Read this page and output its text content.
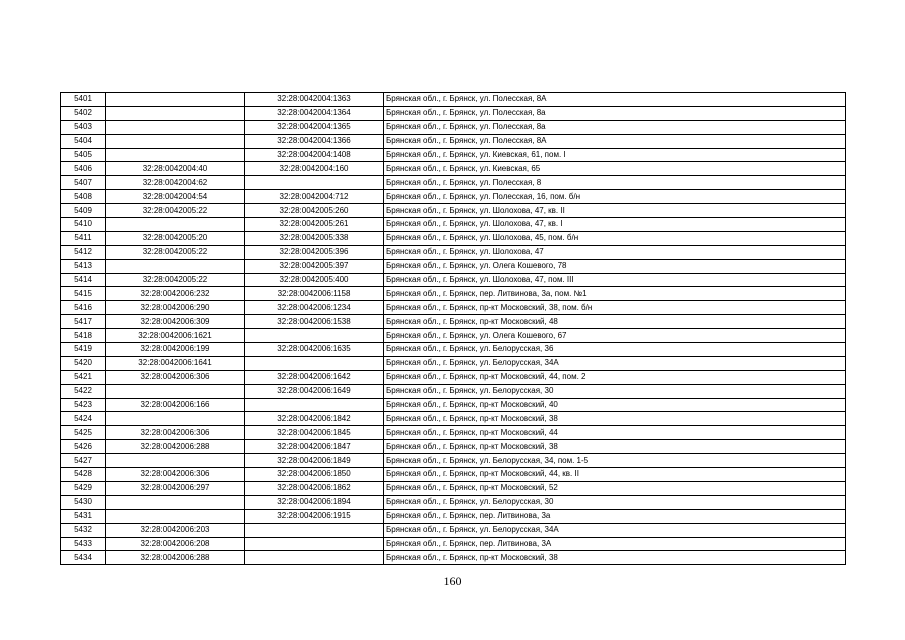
5401		32:28:0042004:1363	Брянская обл., г. Брянск, ул. Полесская, 8А
5402		32:28:0042004:1364	Брянская обл., г. Брянск, ул. Полесская, 8а
5403		32:28:0042004:1365	Брянская обл., г. Брянск, ул. Полесская, 8а
5404		32:28:0042004:1366	Брянская обл., г. Брянск, ул. Полесская, 8А
5405		32:28:0042004:1408	Брянская обл., г. Брянск, ул. Киевская, 61, пом. I
5406	32:28:0042004:40	32:28:0042004:160	Брянская обл., г. Брянск, ул. Киевская, 65
5407	32:28:0042004:62		Брянская обл., г. Брянск, ул. Полесская, 8
5408	32:28:0042004:54	32:28:0042004:712	Брянская обл., г. Брянск, ул. Полесская, 16, пом. б/н
5409	32:28:0042005:22	32:28:0042005:260	Брянская обл., г. Брянск, ул. Шолохова, 47, кв. II
5410		32:28:0042005:261	Брянская обл., г. Брянск, ул. Шолохова, 47, кв. I
5411	32:28:0042005:20	32:28:0042005:338	Брянская обл., г. Брянск, ул. Шолохова, 45, пом. б/н
5412	32:28:0042005:22	32:28:0042005:396	Брянская обл., г. Брянск, ул. Шолохова, 47
5413		32:28:0042005:397	Брянская обл., г. Брянск, ул. Олега Кошевого, 78
5414	32:28:0042005:22	32:28:0042005:400	Брянская обл., г. Брянск, ул. Шолохова, 47, пом. III
5415	32:28:0042006:232	32:28:0042006:1158	Брянская обл., г. Брянск, пер. Литвинова, 3а, пом. №1
5416	32:28:0042006:290	32:28:0042006:1234	Брянская обл., г. Брянск, пр-кт Московский, 38, пом. б/н
5417	32:28:0042006:309	32:28:0042006:1538	Брянская обл., г. Брянск, пр-кт Московский, 48
5418	32:28:0042006:1621		Брянская обл., г. Брянск, ул. Олега Кошевого, 67
5419	32:28:0042006:199	32:28:0042006:1635	Брянская обл., г. Брянск, ул. Белорусская, 36
5420	32:28:0042006:1641		Брянская обл., г. Брянск, ул. Белорусская, 34А
5421	32:28:0042006:306	32:28:0042006:1642	Брянская обл., г. Брянск, пр-кт Московский, 44, пом. 2
5422		32:28:0042006:1649	Брянская обл., г. Брянск, ул. Белорусская, 30
5423	32:28:0042006:166		Брянская обл., г. Брянск, пр-кт Московский, 40
5424		32:28:0042006:1842	Брянская обл., г. Брянск, пр-кт Московский, 38
5425	32:28:0042006:306	32:28:0042006:1845	Брянская обл., г. Брянск, пр-кт Московский, 44
5426	32:28:0042006:288	32:28:0042006:1847	Брянская обл., г. Брянск, пр-кт Московский, 38
5427		32:28:0042006:1849	Брянская обл., г. Брянск, ул. Белорусская, 34, пом. 1-5
5428	32:28:0042006:306	32:28:0042006:1850	Брянская обл., г. Брянск, пр-кт Московский, 44, кв. II
5429	32:28:0042006:297	32:28:0042006:1862	Брянская обл., г. Брянск, пр-кт Московский, 52
5430		32:28:0042006:1894	Брянская обл., г. Брянск, ул. Белорусская, 30
5431		32:28:0042006:1915	Брянская обл., г. Брянск, пер. Литвинова, 3а
5432	32:28:0042006:203		Брянская обл., г. Брянск, ул. Белорусская, 34А
5433	32:28:0042006:208		Брянская обл., г. Брянск, пер. Литвинова, 3А
5434	32:28:0042006:288		Брянская обл., г. Брянск, пр-кт Московский, 38
160
